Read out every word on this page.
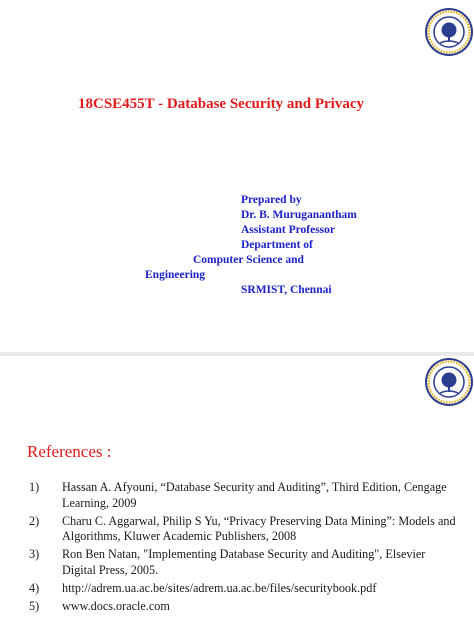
18CSE455T - Database Security and Privacy
Prepared by
Dr. B. Muruganantham
Assistant Professor
Department of
Computer Science and
Engineering
SRMIST, Chennai
References :
1) Hassan A. Afyouni, “Database Security and Auditing”, Third Edition, Cengage Learning, 2009
2) Charu C. Aggarwal, Philip S Yu, “Privacy Preserving Data Mining”: Models and Algorithms, Kluwer Academic Publishers, 2008
3) Ron Ben Natan, "Implementing Database Security and Auditing", Elsevier Digital Press, 2005.
4) http://adrem.ua.ac.be/sites/adrem.ua.ac.be/files/securitybook.pdf
5) www.docs.oracle.com
